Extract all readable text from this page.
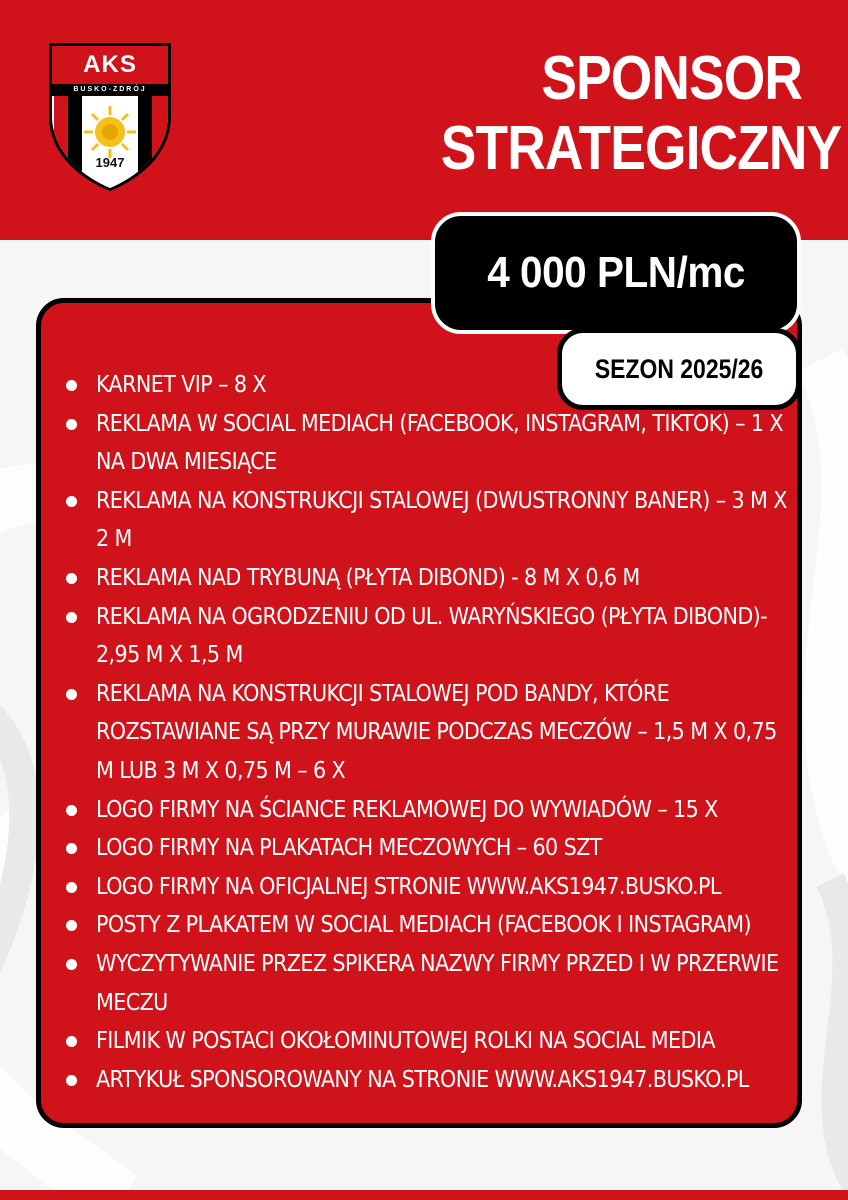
AKS
BUSKO-ZDRÓJ
1947
SPONSOR
STRATEGICZNY
4 000 PLN/mc
SEZON 2025/26
KARNET VIP – 8 X
REKLAMA W SOCIAL MEDIACH (FACEBOOK, INSTAGRAM, TIKTOK) – 1 X NA DWA MIESIĄCE
REKLAMA NA KONSTRUKCJI STALOWEJ (DWUSTRONNY BANER) – 3 M X 2 M
REKLAMA NAD TRYBUNĄ (PŁYTA DIBOND) - 8 M X 0,6 M
REKLAMA NA OGRODZENIU OD UL. WARYŃSKIEGO (PŁYTA DIBOND)- 2,95 M X 1,5 M
REKLAMA NA KONSTRUKCJI STALOWEJ POD BANDY, KTÓRE ROZSTAWIANE SĄ PRZY MURAWIE PODCZAS MECZÓW – 1,5 M X 0,75 M LUB 3 M X 0,75 M – 6 X
LOGO FIRMY NA ŚCIANCE REKLAMOWEJ DO WYWIADÓW – 15 X
LOGO FIRMY NA PLAKATACH MECZOWYCH – 60 SZT
LOGO FIRMY NA OFICJALNEJ STRONIE WWW.AKS1947.BUSKO.PL
POSTY Z PLAKATEM W SOCIAL MEDIACH (FACEBOOK I INSTAGRAM)
WYCZYTYWANIE PRZEZ SPIKERA NAZWY FIRMY PRZED I W PRZERWIE MECZU
FILMIK W POSTACI OKOŁOMINUTOWEJ ROLKI NA SOCIAL MEDIA
ARTYKUŁ SPONSOROWANY NA STRONIE WWW.AKS1947.BUSKO.PL
